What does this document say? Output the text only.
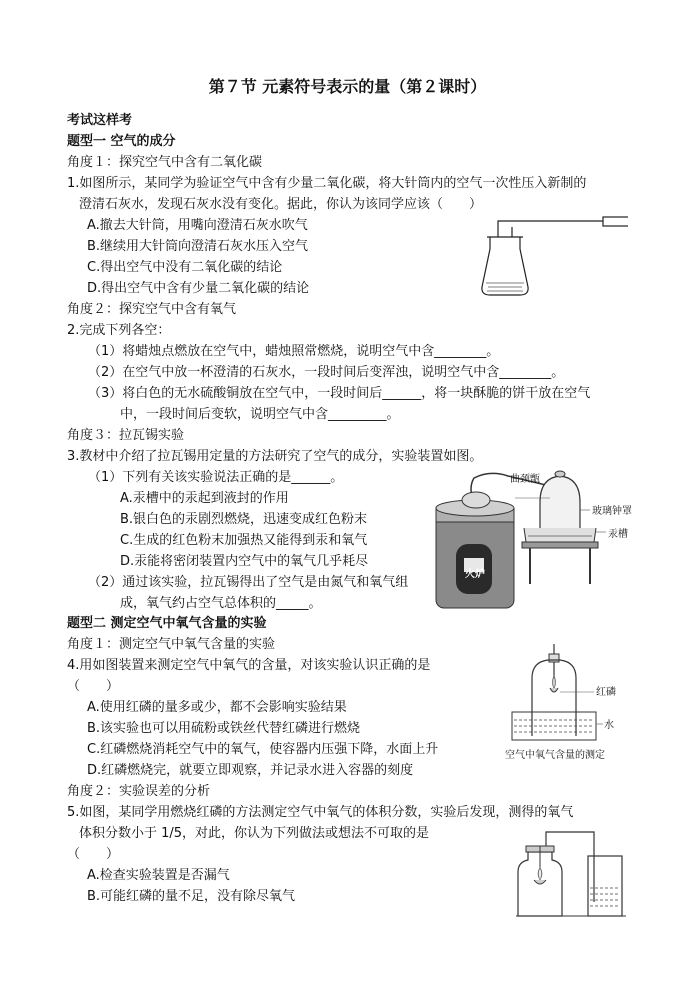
第７节 元素符号表示的量（第２课时）
考试这样考
题型一 空气的成分
角度１：探究空气中含有二氧化碳
1.如图所示，某同学为验证空气中含有少量二氧化碳，将大针筒内的空气一次性压入新制的
澄清石灰水，发现石灰水没有变化。据此，你认为该同学应该（　　）
A.撤去大针筒，用嘴向澄清石灰水吹气
B.继续用大针筒向澄清石灰水压入空气
C.得出空气中没有二氧化碳的结论
D.得出空气中含有少量二氧化碳的结论
角度２：探究空气中含有氧气
2.完成下列各空：
（1）将蜡烛点燃放在空气中，蜡烛照常燃烧，说明空气中含________。
（2）在空气中放一杯澄清的石灰水，一段时间后变浑浊，说明空气中含________。
（3）将白色的无水硫酸铜放在空气中，一段时间后______，将一块酥脆的饼干放在空气
中，一段时间后变软，说明空气中含_________。
角度３：拉瓦锡实验
3.教材中介绍了拉瓦锡用定量的方法研究了空气的成分，实验装置如图。
（1）下列有关该实验说法正确的是______。
A.汞槽中的汞起到液封的作用
B.银白色的汞剧烈燃烧，迅速变成红色粉末
C.生成的红色粉末加强热又能得到汞和氧气
D.汞能将密闭装置内空气中的氧气几乎耗尽
（2）通过该实验，拉瓦锡得出了空气是由氮气和氧气组
成，氧气约占空气总体积的_____。
曲颈甑
玻璃钟罩
汞槽
火炉
题型二 测定空气中氧气含量的实验
角度１：测定空气中氧气含量的实验
4.用如图装置来测定空气中氧气的含量，对该实验认识正确的是
（　　）
A.使用红磷的量多或少，都不会影响实验结果
B.该实验也可以用硫粉或铁丝代替红磷进行燃烧
C.红磷燃烧消耗空气中的氧气，使容器内压强下降，水面上升
D.红磷燃烧完，就要立即观察，并记录水进入容器的刻度
红磷
水
空气中氧气含量的测定
角度２：实验误差的分析
5.如图，某同学用燃烧红磷的方法测定空气中氧气的体积分数，实验后发现，测得的氧气
体积分数小于 1/5，对此，你认为下列做法或想法不可取的是
（　　）
A.检查实验装置是否漏气
B.可能红磷的量不足，没有除尽氧气
